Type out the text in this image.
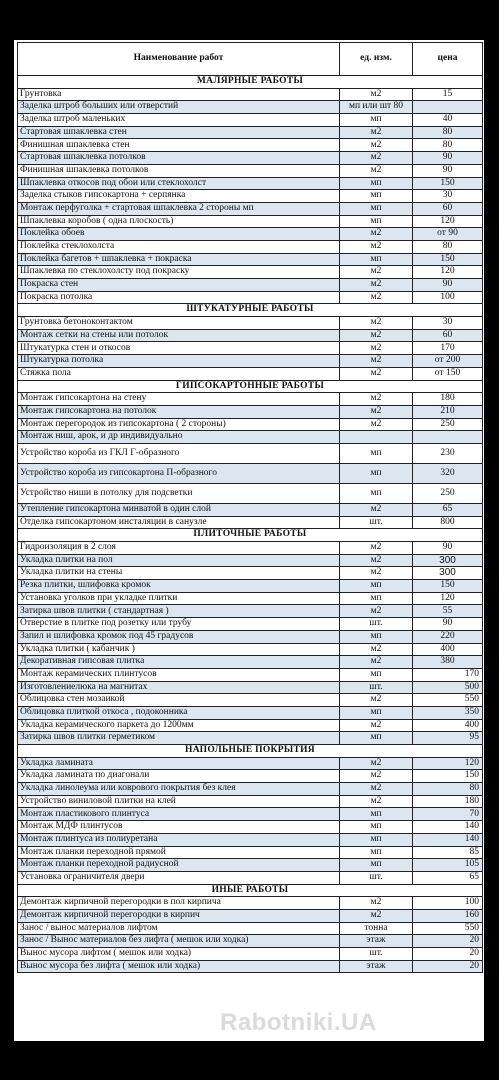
Наименование работ	ед. изм.	цена
МАЛЯРНЫЕ РАБОТЫ		
Грунтовка	м2	15
Заделка штроб больших или отверстий	мп или шт 80	
Заделка штроб маленьких	мп	40
Стартовая шпаклевка стен	м2	80
Финишная шпаклевка стен	м2	80
Стартовая шпаклевка потолков	м2	90
Финишная шпаклевка потолков	м2	90
Шпаклевка откосов под обои или стеклохолст	мп	150
Заделка стыков гипсокартона + серпянка	мп	30
Монтаж перфуголка + стартовая шпаклевка 2 стороны мп	мп	60
Шпаклевка коробов ( одна плоскость)	мп	120
Поклейка обоев	м2	от 90
Поклейка стеклохолста	м2	80
Поклейка багетов + шпаклевка + покраска	мп	150
Шпаклевка по стеклохолсту под покраску	м2	120
Покраска стен	м2	90
Покраска потолка	м2	100
ШТУКАТУРНЫЕ РАБОТЫ		
Грунтовка бетоноконтактом	м2	30
Монтаж сетки на стены или потолок	м2	60
Штукатурка стен и откосов	м2	170
Штукатурка потолка	м2	от 200
Стяжка пола	м2	от 150
ГИПСОКАРТОННЫЕ РАБОТЫ		
Монтаж гипсокартона на стену	м2	180
Монтаж гипсокартона на потолок	м2	210
Монтаж перегородок из гипсокартона ( 2 стороны)	м2	250
Монтаж ниш, арок, и др индивидуально		
Устройство короба из ГКЛ Г-образного	мп	230
Устройство короба из гипсокартона П-образного	мп	320
Устройство ниши в потолку для подсветки	мп	250
Утепление гипсокартона минватой в один слой	м2	65
Отделка гипсокартоном инсталяции в санузле	шт.	800
ПЛИТОЧНЫЕ РАБОТЫ		
Гидроизоляция в 2 слоя	м2	90
Укладка плитки на пол	м2	300
Укладка плитки на стены	м2	300
Резка плитки, шлифовка кромок	мп	150
Установка уголков при укладке плитки	мп	120
Затирка швов плитки ( стандартная )	м2	55
Отверстие в плитке под розетку или трубу	шт.	90
Запил и шлифовка кромок под 45 градусов	мп	220
Укладка плитки ( кабанчик )	м2	400
Декоративная гипсовая плитка	м2	380
Монтаж керамических плинтусов	мп	170
Изготовлениелюка на магнитах	шт.	500
Облицовка стен мозаикой	м2	550
Облицовка плиткой откоса , подоконника	мп	350
Укладка керамического паркета до 1200мм	м2	400
Затирка швов плитки герметиком	мп	95
НАПОЛЬНЫЕ ПОКРЫТИЯ		
Укладка ламината	м2	120
Укладка ламината по диагонали	м2	150
Укладка линолеума или коврового покрытия без клея	м2	80
Устройство виниловой плитки на клей	м2	180
Монтаж пластикового плинтуса	мп	70
Монтаж МДФ плинтусов	мп	140
Монтаж плинтуса из полиуретана	мп	140
Монтаж планки переходной прямой	мп	85
Монтаж планки переходной радиусной	мп	105
Установка ограничителя двери	шт.	65
ИНЫЕ РАБОТЫ		
Демонтаж кирпичной перегородки в пол кирпича	м2	100
Демонтаж кирпичной перегородки в кирпич	м2	160
Занос / вынос материалов лифтом	тонна	550
Занос / Вынос материалов без лифта ( мешок или ходка)	этаж	20
Вынос мусора лифтом ( мешок или ходка)	шт.	20
Вынос мусора без лифта ( мешок или ходка)	этаж	20
Rabotniki.UA
